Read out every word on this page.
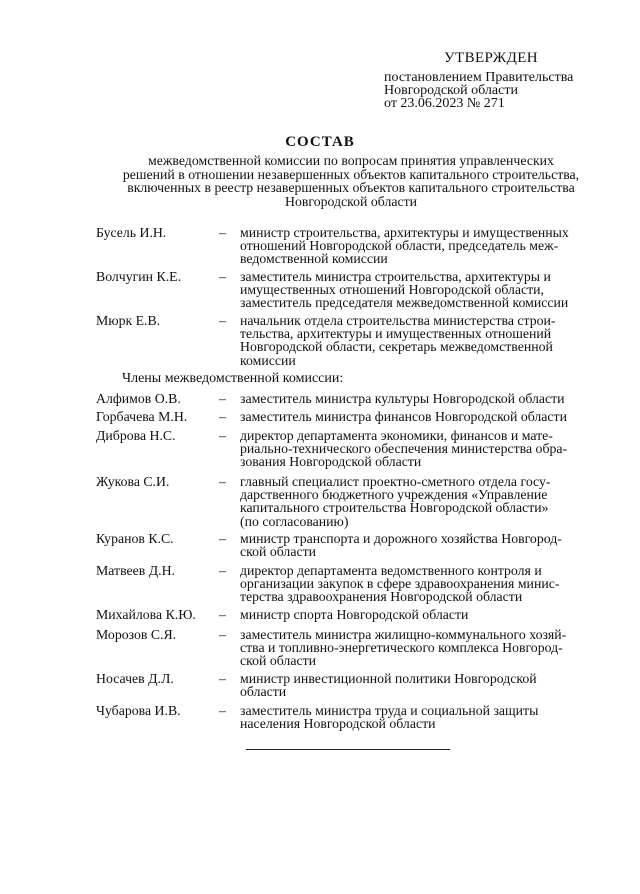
УТВЕРЖДЕН
постановлением Правительства
Новгородской области
от 23.06.2023 № 271
СОСТАВ
межведомственной комиссии по вопросам принятия управленческих
решений в отношении незавершенных объектов капитального строительства,
включенных в реестр незавершенных объектов капитального строительства
Новгородской области
Бусель И.Н.	– министр строительства, архитектуры и имущественных
отношений Новгородской области, председатель меж-
ведомственной комиссии
Волчугин К.Е.	– заместитель министра строительства, архитектуры и
имущественных отношений Новгородской области,
заместитель председателя межведомственной комиссии
Мюрк Е.В.	– начальник отдела строительства министерства строи-
тельства, архитектуры и имущественных отношений
Новгородской области, секретарь межведомственной
комиссии
Члены межведомственной комиссии:
Алфимов О.В.	– заместитель министра культуры Новгородской области
Горбачева М.Н. – заместитель министра финансов Новгородской области
Диброва Н.С.	– директор департамента экономики, финансов и мате-
риально-технического обеспечения министерства обра-
зования Новгородской области
Жукова С.И.	– главный специалист проектно-сметного отдела госу-
дарственного бюджетного учреждения «Управление
капитального строительства Новгородской области»
(по согласованию)
Куранов К.С.	– министр транспорта и дорожного хозяйства Новгород-
ской области
Матвеев Д.Н.	– директор департамента ведомственного контроля и
организации закупок в сфере здравоохранения минис-
терства здравоохранения Новгородской области
Михайлова К.Ю. – министр спорта Новгородской области
Морозов С.Я.	– заместитель министра жилищно-коммунального хозяй-
ства и топливно-энергетического комплекса Новгород-
ской области
Носачев Д.Л.	– министр инвестиционной политики Новгородской
области
Чубарова И.В.	– заместитель министра труда и социальной защиты
населения Новгородской области
